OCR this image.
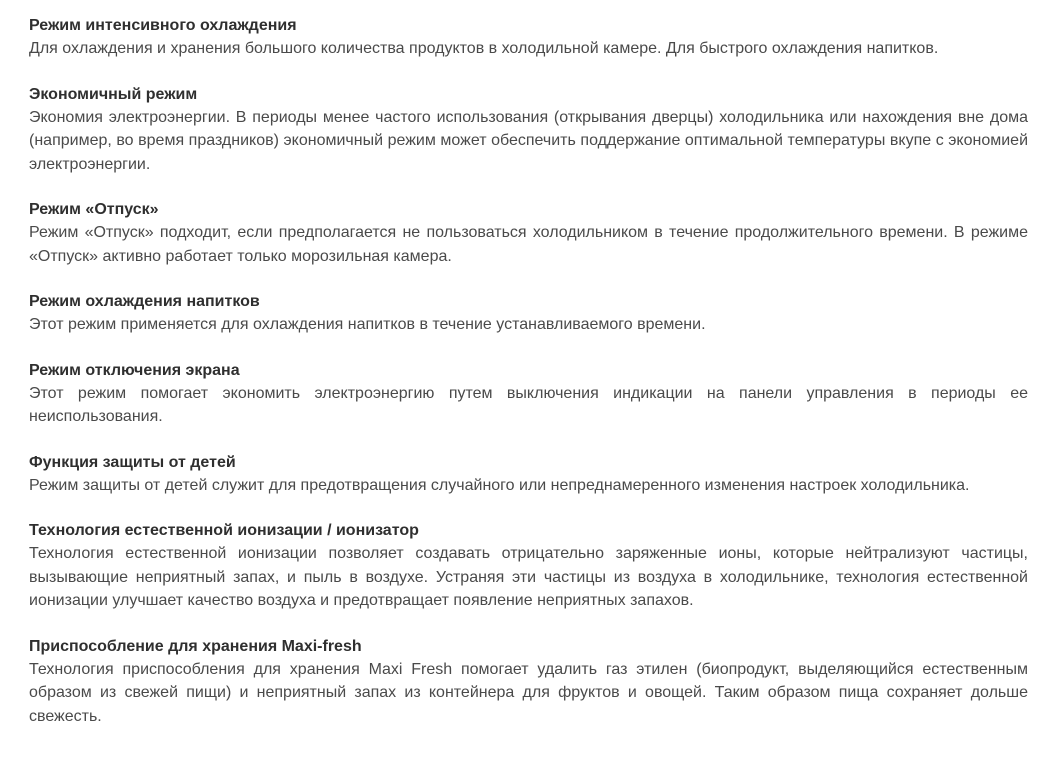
Режим интенсивного охлаждения

Для охлаждения и хранения большого количества продуктов в холодильной камере. Для быстрого охлаждения напитков.

Экономичный режим

Экономия электроэнергии. В периоды менее частого использования (открывания дверцы) холодильника или нахождения вне дома (например, во время праздников) экономичный режим может обеспечить поддержание оптимальной температуры вкупе с экономией электроэнергии.

Режим «Отпуск»

Режим «Отпуск» подходит, если предполагается не пользоваться холодильником в течение продолжительного времени. В режиме «Отпуск» активно работает только морозильная камера.

Режим охлаждения напитков

Этот режим применяется для охлаждения напитков в течение устанавливаемого времени.

Режим отключения экрана

Этот режим помогает экономить электроэнергию путем выключения индикации на панели управления в периоды ее неиспользования.

Функция защиты от детей

Режим защиты от детей служит для предотвращения случайного или непреднамеренного изменения настроек холодильника.

Технология естественной ионизации / ионизатор

Технология естественной ионизации позволяет создавать отрицательно заряженные ионы, которые нейтрализуют частицы, вызывающие неприятный запах, и пыль в воздухе. Устраняя эти частицы из воздуха в холодильнике, технология естественной ионизации улучшает качество воздуха и предотвращает появление неприятных запахов.

Приспособление для хранения Maxi-fresh

Технология приспособления для хранения Maxi Fresh помогает удалить газ этилен (биопродукт, выделяющийся естественным образом из свежей пищи) и неприятный запах из контейнера для фруктов и овощей. Таким образом пища сохраняет дольше свежесть.
